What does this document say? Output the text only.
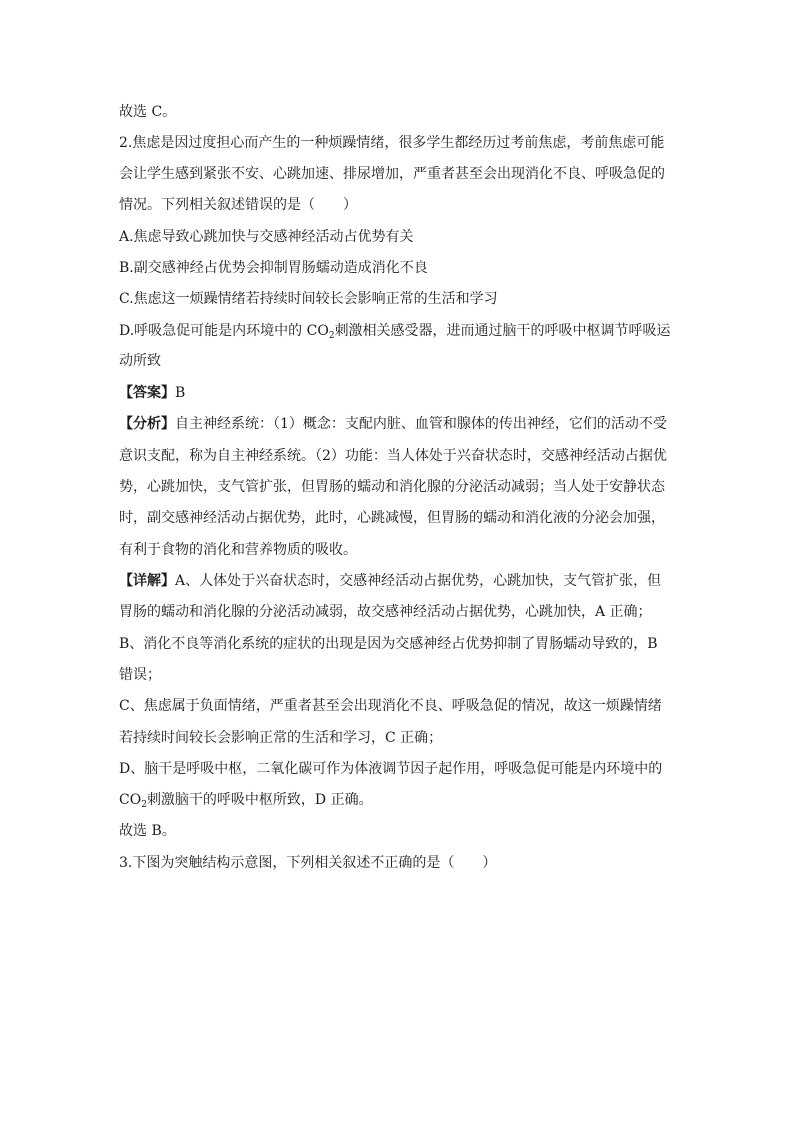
故选 C。
2.焦虑是因过度担心而产生的一种烦躁情绪，很多学生都经历过考前焦虑，考前焦虑可能
会让学生感到紧张不安、心跳加速、排尿增加，严重者甚至会出现消化不良、呼吸急促的
情况。下列相关叙述错误的是（　　）
A.焦虑导致心跳加快与交感神经活动占优势有关
B.副交感神经占优势会抑制胃肠蠕动造成消化不良
C.焦虑这一烦躁情绪若持续时间较长会影响正常的生活和学习
D.呼吸急促可能是内环境中的 $CO_2$刺激相关感受器，进而通过脑干的呼吸中枢调节呼吸运
动所致
【答案】B
【分析】自主神经系统：（1）概念：支配内脏、血管和腺体的传出神经，它们的活动不受
意识支配，称为自主神经系统。（2）功能：当人体处于兴奋状态时，交感神经活动占据优
势，心跳加快，支气管扩张，但胃肠的蠕动和消化腺的分泌活动减弱；当人处于安静状态
时，副交感神经活动占据优势，此时，心跳减慢，但胃肠的蠕动和消化液的分泌会加强，
有利于食物的消化和营养物质的吸收。
【详解】A、人体处于兴奋状态时，交感神经活动占据优势，心跳加快，支气管扩张，但
胃肠的蠕动和消化腺的分泌活动减弱，故交感神经活动占据优势，心跳加快，A 正确；
B、消化不良等消化系统的症状的出现是因为交感神经占优势抑制了胃肠蠕动导致的，B
错误；
C、焦虑属于负面情绪，严重者甚至会出现消化不良、呼吸急促的情况，故这一烦躁情绪
若持续时间较长会影响正常的生活和学习，C 正确；
D、脑干是呼吸中枢，二氧化碳可作为体液调节因子起作用，呼吸急促可能是内环境中的
$CO_2$刺激脑干的呼吸中枢所致，D 正确。
故选 B。
3.下图为突触结构示意图，下列相关叙述不正确的是（　　）
